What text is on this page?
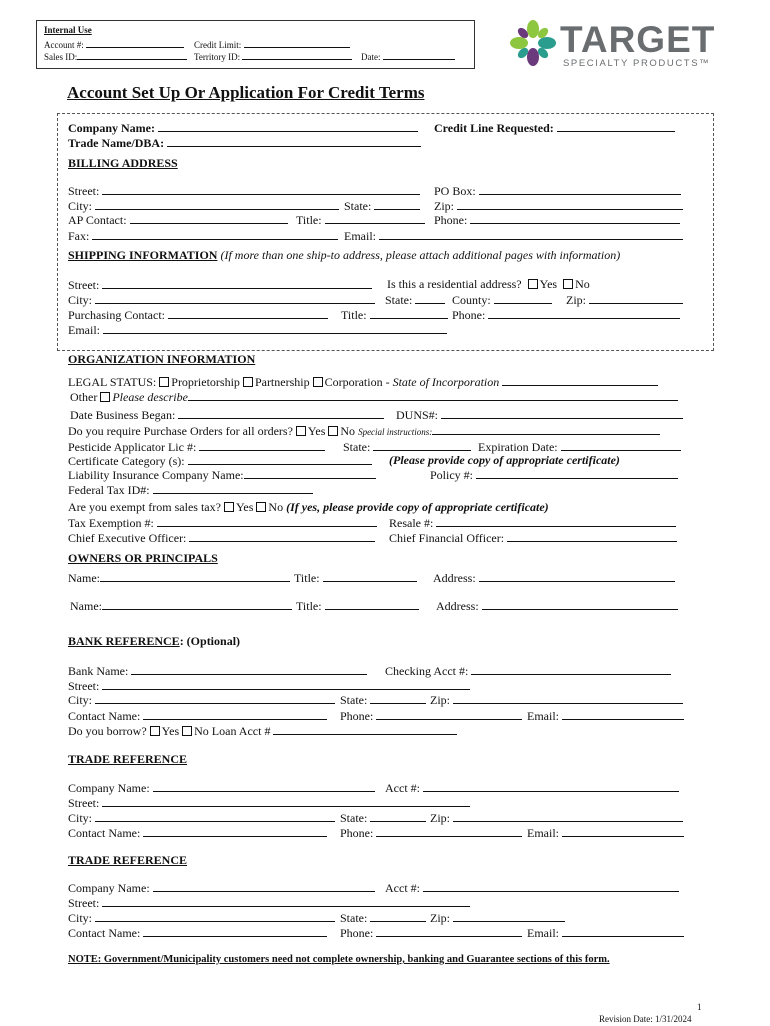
Internal Use
Account #:	Credit Limit:
Sales ID:	Territory ID:	Date:	TARGET
SPECIALTY PRODUCTS™
Account Set Up Or Application For Credit Terms
Company Name:	Credit Line Requested:
Trade Name/DBA:
BILLING ADDRESS
Street:	PO Box:
City:	State:	Zip:
AP Contact:	Title:	Phone:
Fax:	Email:
SHIPPING INFORMATION (If more than one ship-to address, please attach additional pages with information)
Street:	Is this a residential address? Yes No
City:	State:	County:	Zip:
Purchasing Contact:	Title:	Phone:
Email:
ORGANIZATION INFORMATION
LEGAL STATUS: Proprietorship Partnership Corporation - State of Incorporation
Other Please describe
Date Business Began:	DUNS#:
Do you require Purchase Orders for all orders? Yes No Special instructions:
Pesticide Applicator Lic #:	State:	Expiration Date:
Certificate Category (s):	(Please provide copy of appropriate certificate)
Liability Insurance Company Name:	Policy #:
Federal Tax ID#:
Are you exempt from sales tax? Yes No (If yes, please provide copy of appropriate certificate)
Tax Exemption #:	Resale #:
Chief Executive Officer:	Chief Financial Officer:
OWNERS OR PRINCIPALS
Name:	Title:	Address:
Name:	Title:	Address:
BANK REFERENCE: (Optional)
Bank Name:	Checking Acct #:
Street:
City:	State:	Zip:
Contact Name:	Phone:	Email:
Do you borrow? Yes No Loan Acct #
TRADE REFERENCE
Company Name:	Acct #:
Street:
City:	State:	Zip:
Contact Name:	Phone:	Email:
TRADE REFERENCE
Company Name:	Acct #:
Street:
City:	State:	Zip:
Contact Name:	Phone:	Email:
NOTE: Government/Municipality customers need not complete ownership, banking and Guarantee sections of this form.
1
Revision Date: 1/31/2024
